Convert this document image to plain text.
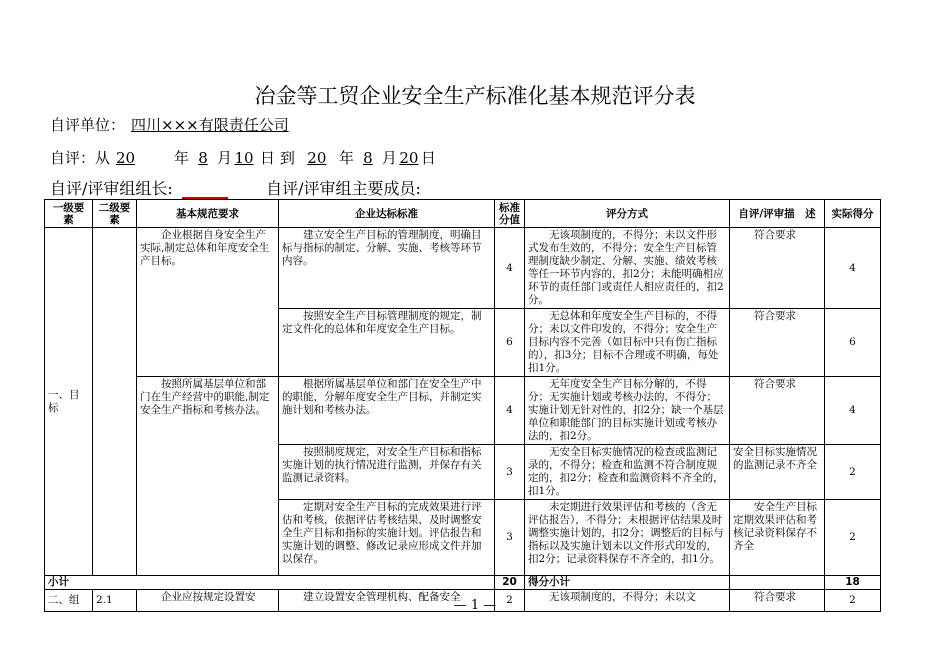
冶金等工贸企业安全生产标准化基本规范评分表
自评单位： 四川×××有限责任公司
自评：从 20	年 8 月 10 日 到 20 年 8 月 20 日
自评/评审组组长:	自评/评审组主要成员:
一级要素	二级要素	基本规范要求	企业达标标准	标准分值	评分方式	自评/评审描　述	实际得分
一、目标		企业根据自身安全生产实际,制定总体和年度安全生产目标。	建立安全生产目标的管理制度，明确目标与指标的制定、分解、实施、考核等环节内容。	4	无该项制度的，不得分；未以文件形式发布生效的，不得分；安全生产目标管理制度缺少制定、分解、实施、绩效考核等任一环节内容的，扣2分；未能明确相应环节的责任部门或责任人相应责任的，扣2分。	符合要求	4
			按照安全生产目标管理制度的规定，制定文件化的总体和年度安全生产目标。	6	无总体和年度安全生产目标的，不得分；未以文件印发的，不得分；安全生产目标内容不完善（如目标中只有伤亡指标的），扣3分；目标不合理或不明确，每处扣1分。	符合要求	6
		按照所属基层单位和部门在生产经营中的职能,制定安全生产指标和考核办法。	根据所属基层单位和部门在安全生产中的职能，分解年度安全生产目标，并制定实施计划和考核办法。	4	无年度安全生产目标分解的，不得分；无实施计划或考核办法的，不得分；实施计划无针对性的，扣2分；缺一个基层单位和职能部门的目标实施计划或考核办法的，扣2分。	符合要求	4
			按照制度规定，对安全生产目标和指标实施计划的执行情况进行监测，并保存有关监测记录资料。	3	无安全目标实施情况的检查或监测记录的，不得分；检查和监测不符合制度规定的，扣2分；检查和监测资料不齐全的，扣1分。	安全目标实施情况的监测记录不齐全	2
			定期对安全生产目标的完成效果进行评估和考核，依据评估考核结果，及时调整安全生产目标和指标的实施计划。评估报告和实施计划的调整、修改记录应形成文件并加以保存。	3	未定期进行效果评估和考核的（含无评估报告），不得分；未根据评估结果及时调整实施计划的，扣2分；调整后的目标与指标以及实施计划未以文件形式印发的，扣2分；记录资料保存不齐全的，扣1分。	安全生产目标定期效果评估和考核记录资料保存不齐全	2
小计				20	得分小计		18
二、组	2.1	企业应按规定设置安	建立设置安全管理机构、配备安全	2	无该项制度的，不得分；未以文	符合要求	2
— 1 —
